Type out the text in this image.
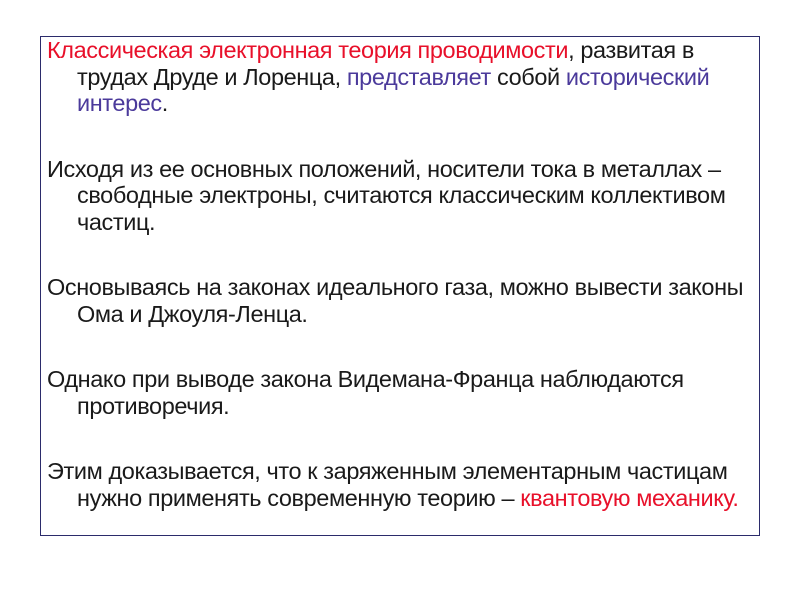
Классическая электронная теория проводимости, развитая в трудах Друде и Лоренца, представляет собой исторический интерес.

Исходя из ее основных положений, носители тока в металлах – свободные электроны, считаются классическим коллективом частиц.

Основываясь на законах идеального газа, можно вывести законы Ома и Джоуля-Ленца.

Однако при выводе закона Видемана-Франца наблюдаются противоречия.

Этим доказывается, что к заряженным элементарным частицам нужно применять современную теорию – квантовую механику.
